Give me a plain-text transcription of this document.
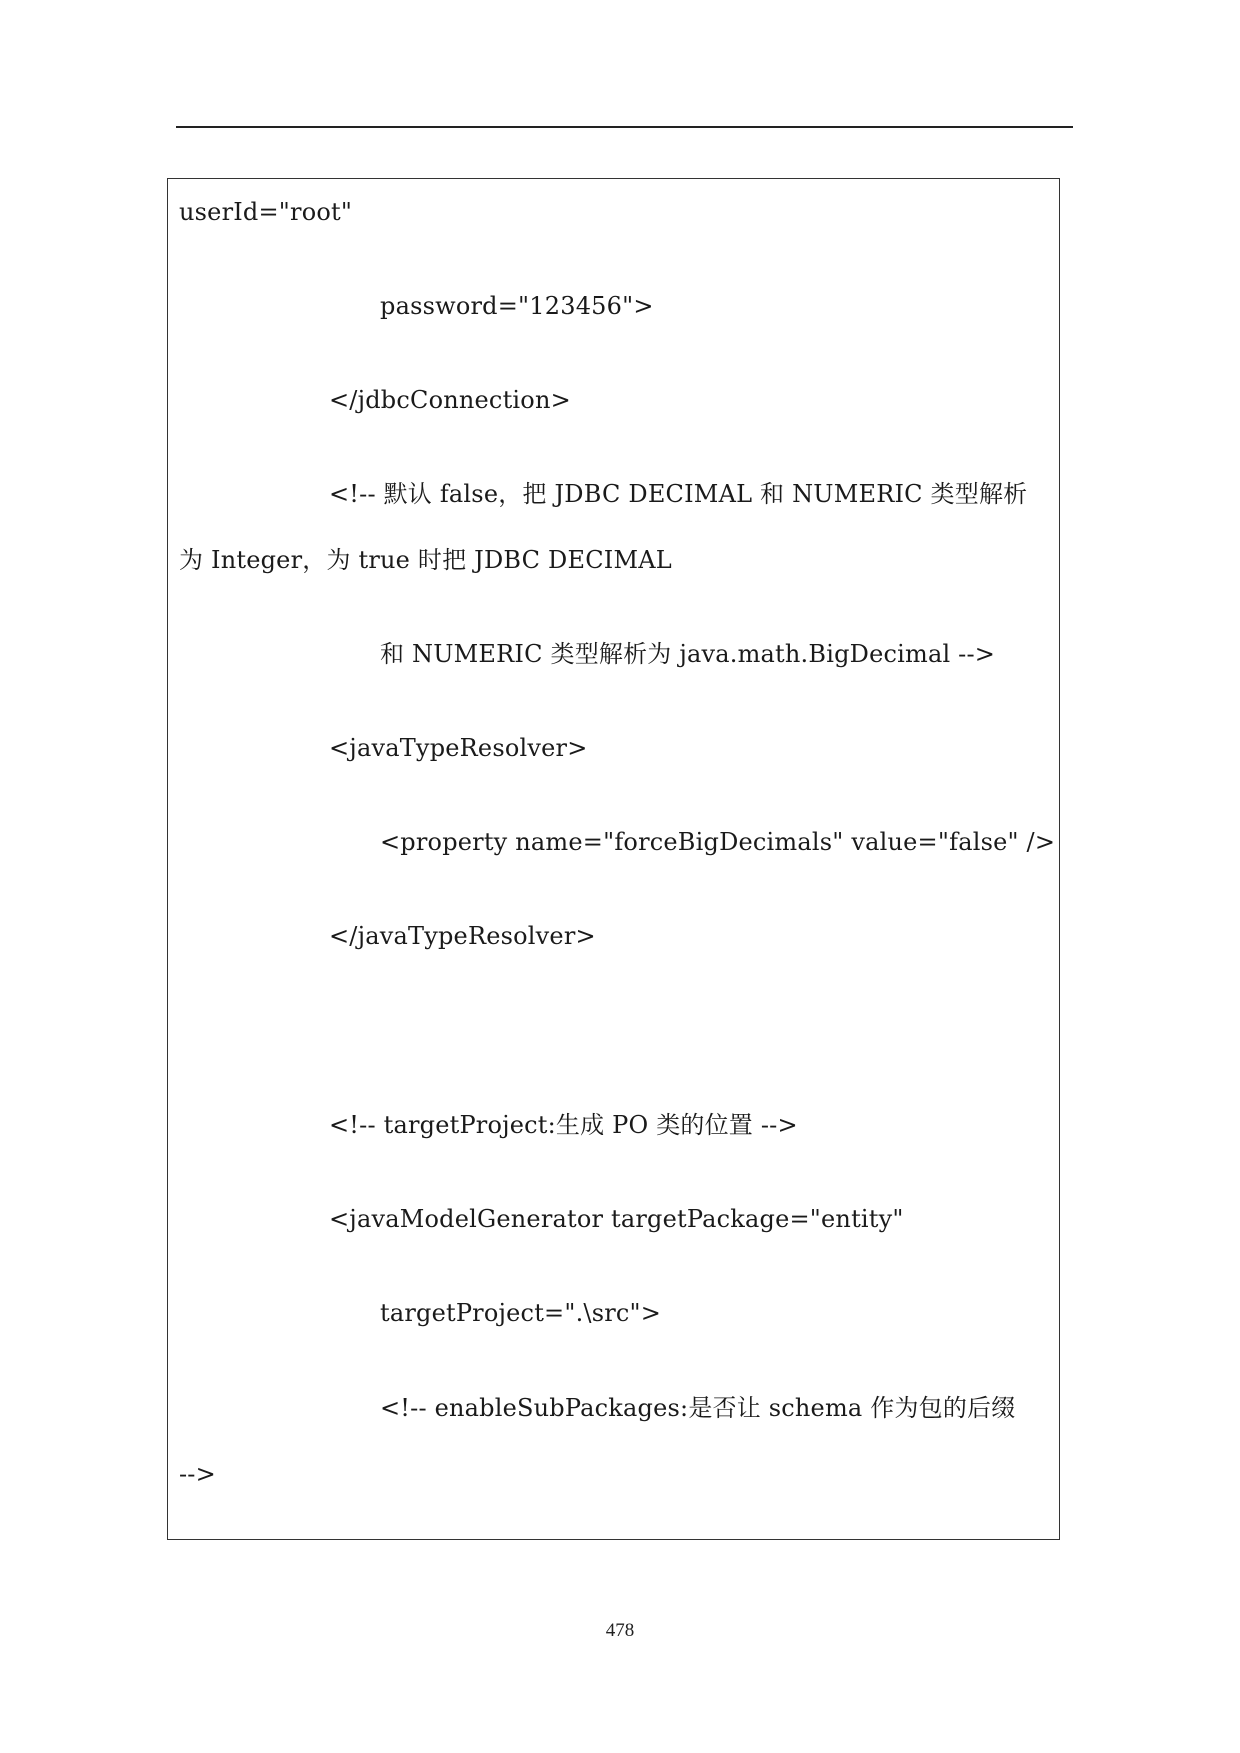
userId="root"
password="123456">
</jdbcConnection>
<!-- 默认 false，把 JDBC DECIMAL 和 NUMERIC 类型解析
为 Integer，为 true 时把 JDBC DECIMAL
和 NUMERIC 类型解析为 java.math.BigDecimal -->
<javaTypeResolver>
<property name="forceBigDecimals" value="false" />
</javaTypeResolver>
<!-- targetProject:生成 PO 类的位置 -->
<javaModelGenerator targetPackage="entity"
targetProject=".\src">
<!-- enableSubPackages:是否让 schema 作为包的后缀
-->
478
